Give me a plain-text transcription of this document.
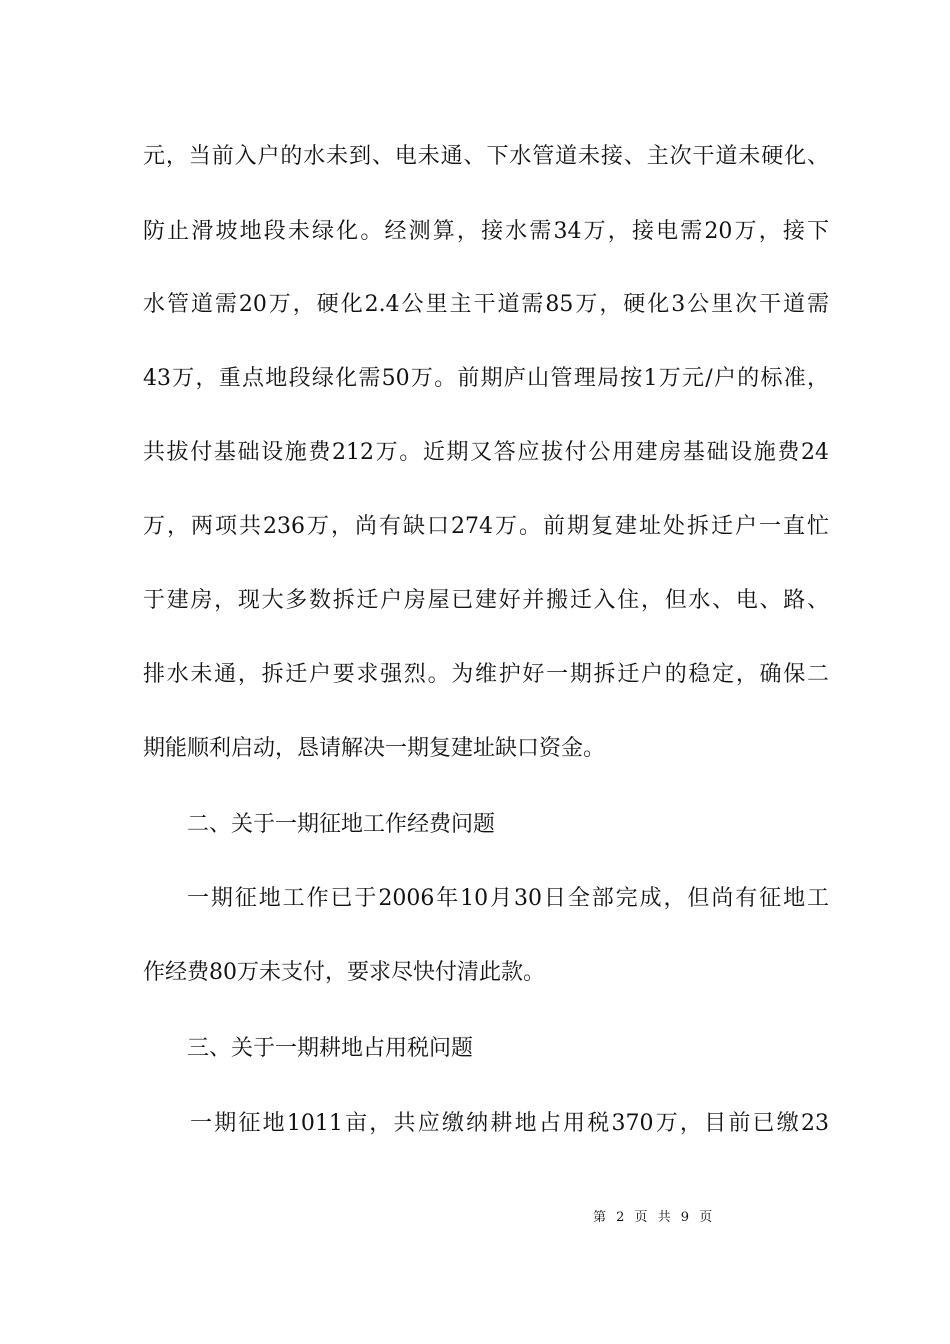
元，当前入户的水未到、电未通、下水管道未接、主次干道未硬化、
防止滑坡地段未绿化。经测算，接水需34万，接电需20万，接下
水管道需20万，硬化2.4公里主干道需85万，硬化3公里次干道需
43万，重点地段绿化需50万。前期庐山管理局按1万元/户的标准，
共拔付基础设施费212万。近期又答应拔付公用建房基础设施费24
万，两项共236万，尚有缺口274万。前期复建址处拆迁户一直忙
于建房，现大多数拆迁户房屋已建好并搬迁入住，但水、电、路、
排水未通，拆迁户要求强烈。为维护好一期拆迁户的稳定，确保二
期能顺利启动，恳请解决一期复建址缺口资金。
二、关于一期征地工作经费问题
一期征地工作已于2006年10月30日全部完成，但尚有征地工
作经费80万未支付，要求尽快付清此款。
三、关于一期耕地占用税问题
一期征地1011亩，共应缴纳耕地占用税370万，目前已缴23
第 2 页 共 9 页
